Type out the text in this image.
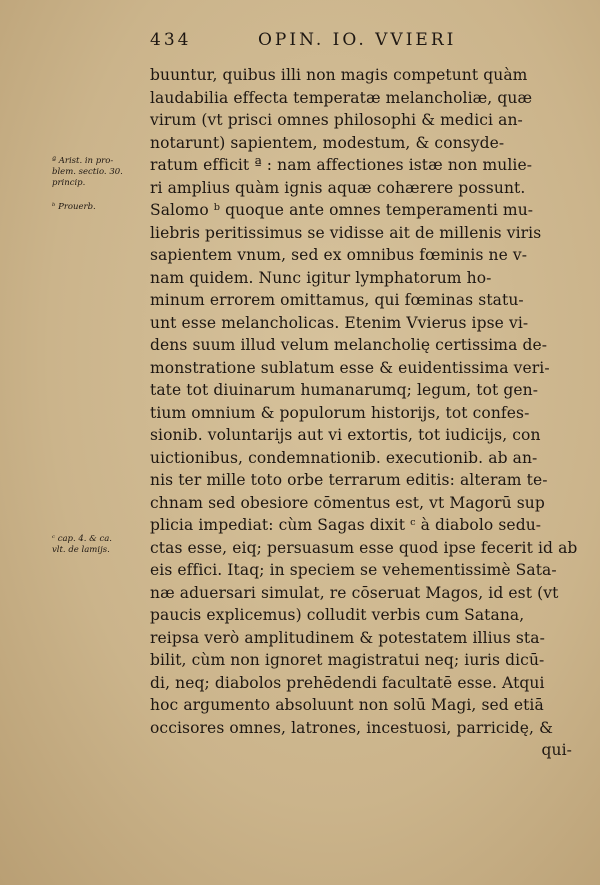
434	OPIN. IO. VVIERI
ª Arist. in pro-
blem. sectio. 30.
princip.
ᵇ Prouerb.
ᶜ cap. 4. & ca.
vlt. de lamijs.
buuntur, quibus illi non magis competunt quàm
laudabilia effecta temperatæ melancholiæ, quæ
virum (vt prisci omnes philosophi & medici an-
notarunt) sapientem, modestum, & consyde-
ratum efficit ª : nam affectiones istæ non mulie-
ri amplius quàm ignis aquæ cohærere possunt.
Salomo ᵇ quoque ante omnes temperamenti mu-
liebris peritissimus se vidisse ait de millenis viris
sapientem vnum, sed ex omnibus fœminis ne v-
nam quidem. Nunc igitur lymphatorum ho-
minum errorem omittamus, qui fœminas statu-
unt esse melancholicas. Etenim Vvierus ipse vi-
dens suum illud velum melancholię certissima de-
monstratione sublatum esse & euidentissima veri-
tate tot diuinarum humanarumq; legum, tot gen-
tium omnium & populorum historijs, tot confes-
sionib. voluntarijs aut vi extortis, tot iudicijs, con
uictionibus, condemnationib. executionib. ab an-
nis ter mille toto orbe terrarum editis: alteram te-
chnam sed obesiore cōmentus est, vt Magorū sup
plicia impediat: cùm Sagas dixit ᶜ à diabolo sedu-
ctas esse, eiq; persuasum esse quod ipse fecerit id ab
eis effici. Itaq; in speciem se vehementissimè Sata-
næ aduersari simulat, re cōseruat Magos, id est (vt
paucis explicemus) colludit verbis cum Satana,
reipsa verò amplitudinem & potestatem illius sta-
bilit, cùm non ignoret magistratui neq; iuris dicū-
di, neq; diabolos prehēdendi facultatē esse. Atqui
hoc argumento absoluunt non solū Magi, sed etiā
occisores omnes, latrones, incestuosi, parricidę, &
qui-
